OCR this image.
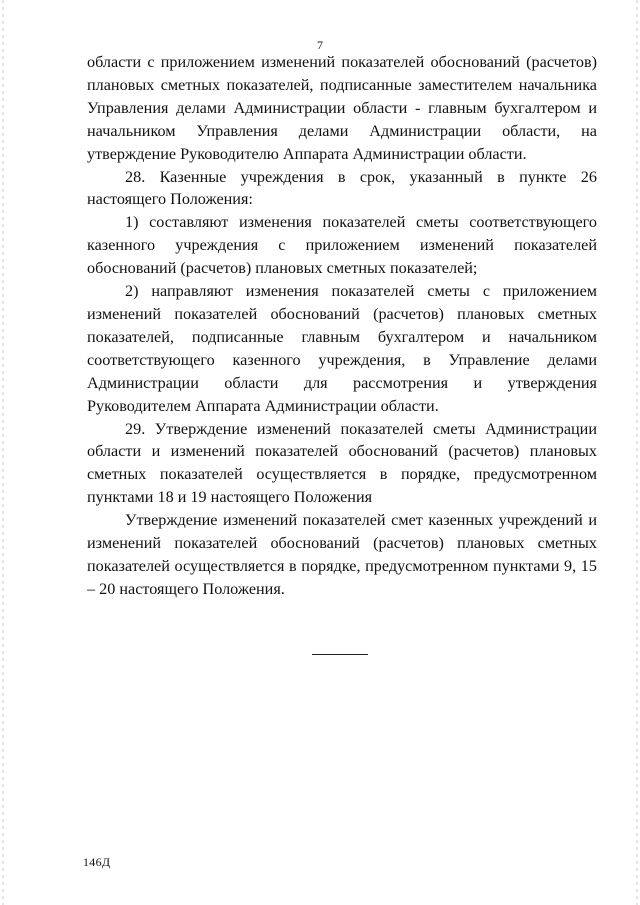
7

области с приложением изменений показателей обоснований (расчетов) плановых сметных показателей, подписанные заместителем начальника Управления делами Администрации области - главным бухгалтером и начальником Управления делами Администрации области, на утверждение Руководителю Аппарата Администрации области.

28. Казенные учреждения в срок, указанный в пункте 26 настоящего Положения:

1) составляют изменения показателей сметы соответствующего казенного учреждения с приложением изменений показателей обоснований (расчетов) плановых сметных показателей;

2) направляют изменения показателей сметы с приложением изменений показателей обоснований (расчетов) плановых сметных показателей, подписанные главным бухгалтером и начальником соответствующего казенного учреждения, в Управление делами Администрации области для рассмотрения и утверждения Руководителем Аппарата Администрации области.

29. Утверждение изменений показателей сметы Администрации области и изменений показателей обоснований (расчетов) плановых сметных показателей осуществляется в порядке, предусмотренном пунктами 18 и 19 настоящего Положения

Утверждение изменений показателей смет казенных учреждений и изменений показателей обоснований (расчетов) плановых сметных показателей осуществляется в порядке, предусмотренном пунктами 9, 15 – 20 настоящего Положения.

146Д
